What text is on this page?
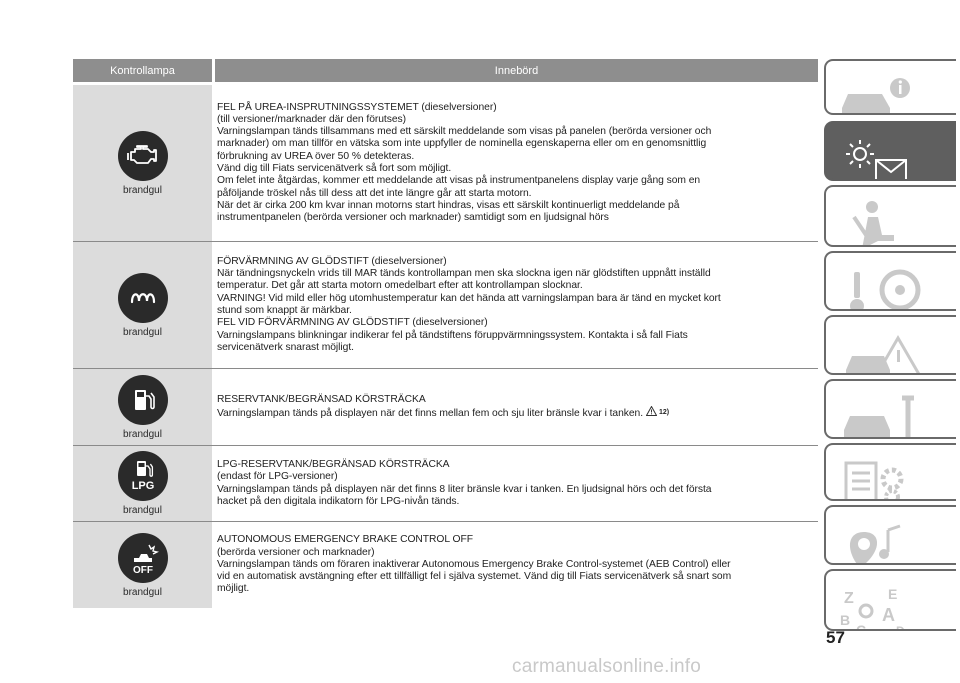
Kontrollampa	Innebörd
brandgul

FEL PÅ UREA-INSPRUTNINGSSYSTEMET (dieselversioner)

(till versioner/marknader där den förutses)

Varningslampan tänds tillsammans med ett särskilt meddelande som visas på panelen (berörda versioner och

marknader) om man tillför en vätska som inte uppfyller de nominella egenskaperna eller om en genomsnittlig

förbrukning av UREA över 50 % detekteras.

Vänd dig till Fiats servicenätverk så fort som möjligt.

Om felet inte åtgärdas, kommer ett meddelande att visas på instrumentpanelens display varje gång som en

påföljande tröskel nås till dess att det inte längre går att starta motorn.

När det är cirka 200 km kvar innan motorns start hindras, visas ett särskilt kontinuerligt meddelande på

instrumentpanelen (berörda versioner och marknader) samtidigt som en ljudsignal hörs

brandgul

FÖRVÄRMNING AV GLÖDSTIFT (dieselversioner)

När tändningsnyckeln vrids till MAR tänds kontrollampan men ska slockna igen när glödstiften uppnått inställd

temperatur. Det går att starta motorn omedelbart efter att kontrollampan slocknar.

VARNING! Vid mild eller hög utomhustemperatur kan det hända att varningslampan bara är tänd en mycket kort

stund som knappt är märkbar.

FEL VID FÖRVÄRMNING AV GLÖDSTIFT (dieselversioner)

Varningslampans blinkningar indikerar fel på tändstiftens föruppvärmningssystem. Kontakta i så fall Fiats

servicenätverk snarast möjligt.

brandgul

RESERVTANK/BEGRÄNSAD KÖRSTRÄCKA

Varningslampan tänds på displayen när det finns mellan fem och sju liter bränsle kvar i tanken. 12)

LPG
brandgul

LPG-RESERVTANK/BEGRÄNSAD KÖRSTRÄCKA

(endast för LPG-versioner)

Varningslampan tänds på displayen när det finns 8 liter bränsle kvar i tanken. En ljudsignal hörs och det första

hacket på den digitala indikatorn för LPG-nivån tänds.

OFF
brandgul

AUTONOMOUS EMERGENCY BRAKE CONTROL OFF

(berörda versioner och marknader)

Varningslampan tänds om föraren inaktiverar Autonomous Emergency Brake Control-systemet (AEB Control) eller

vid en automatisk avstängning efter ett tillfälligt fel i själva systemet. Vänd dig till Fiats servicenätverk så snart som

möjligt.

Z E
A
B
C D
57
carmanualsonline.info
